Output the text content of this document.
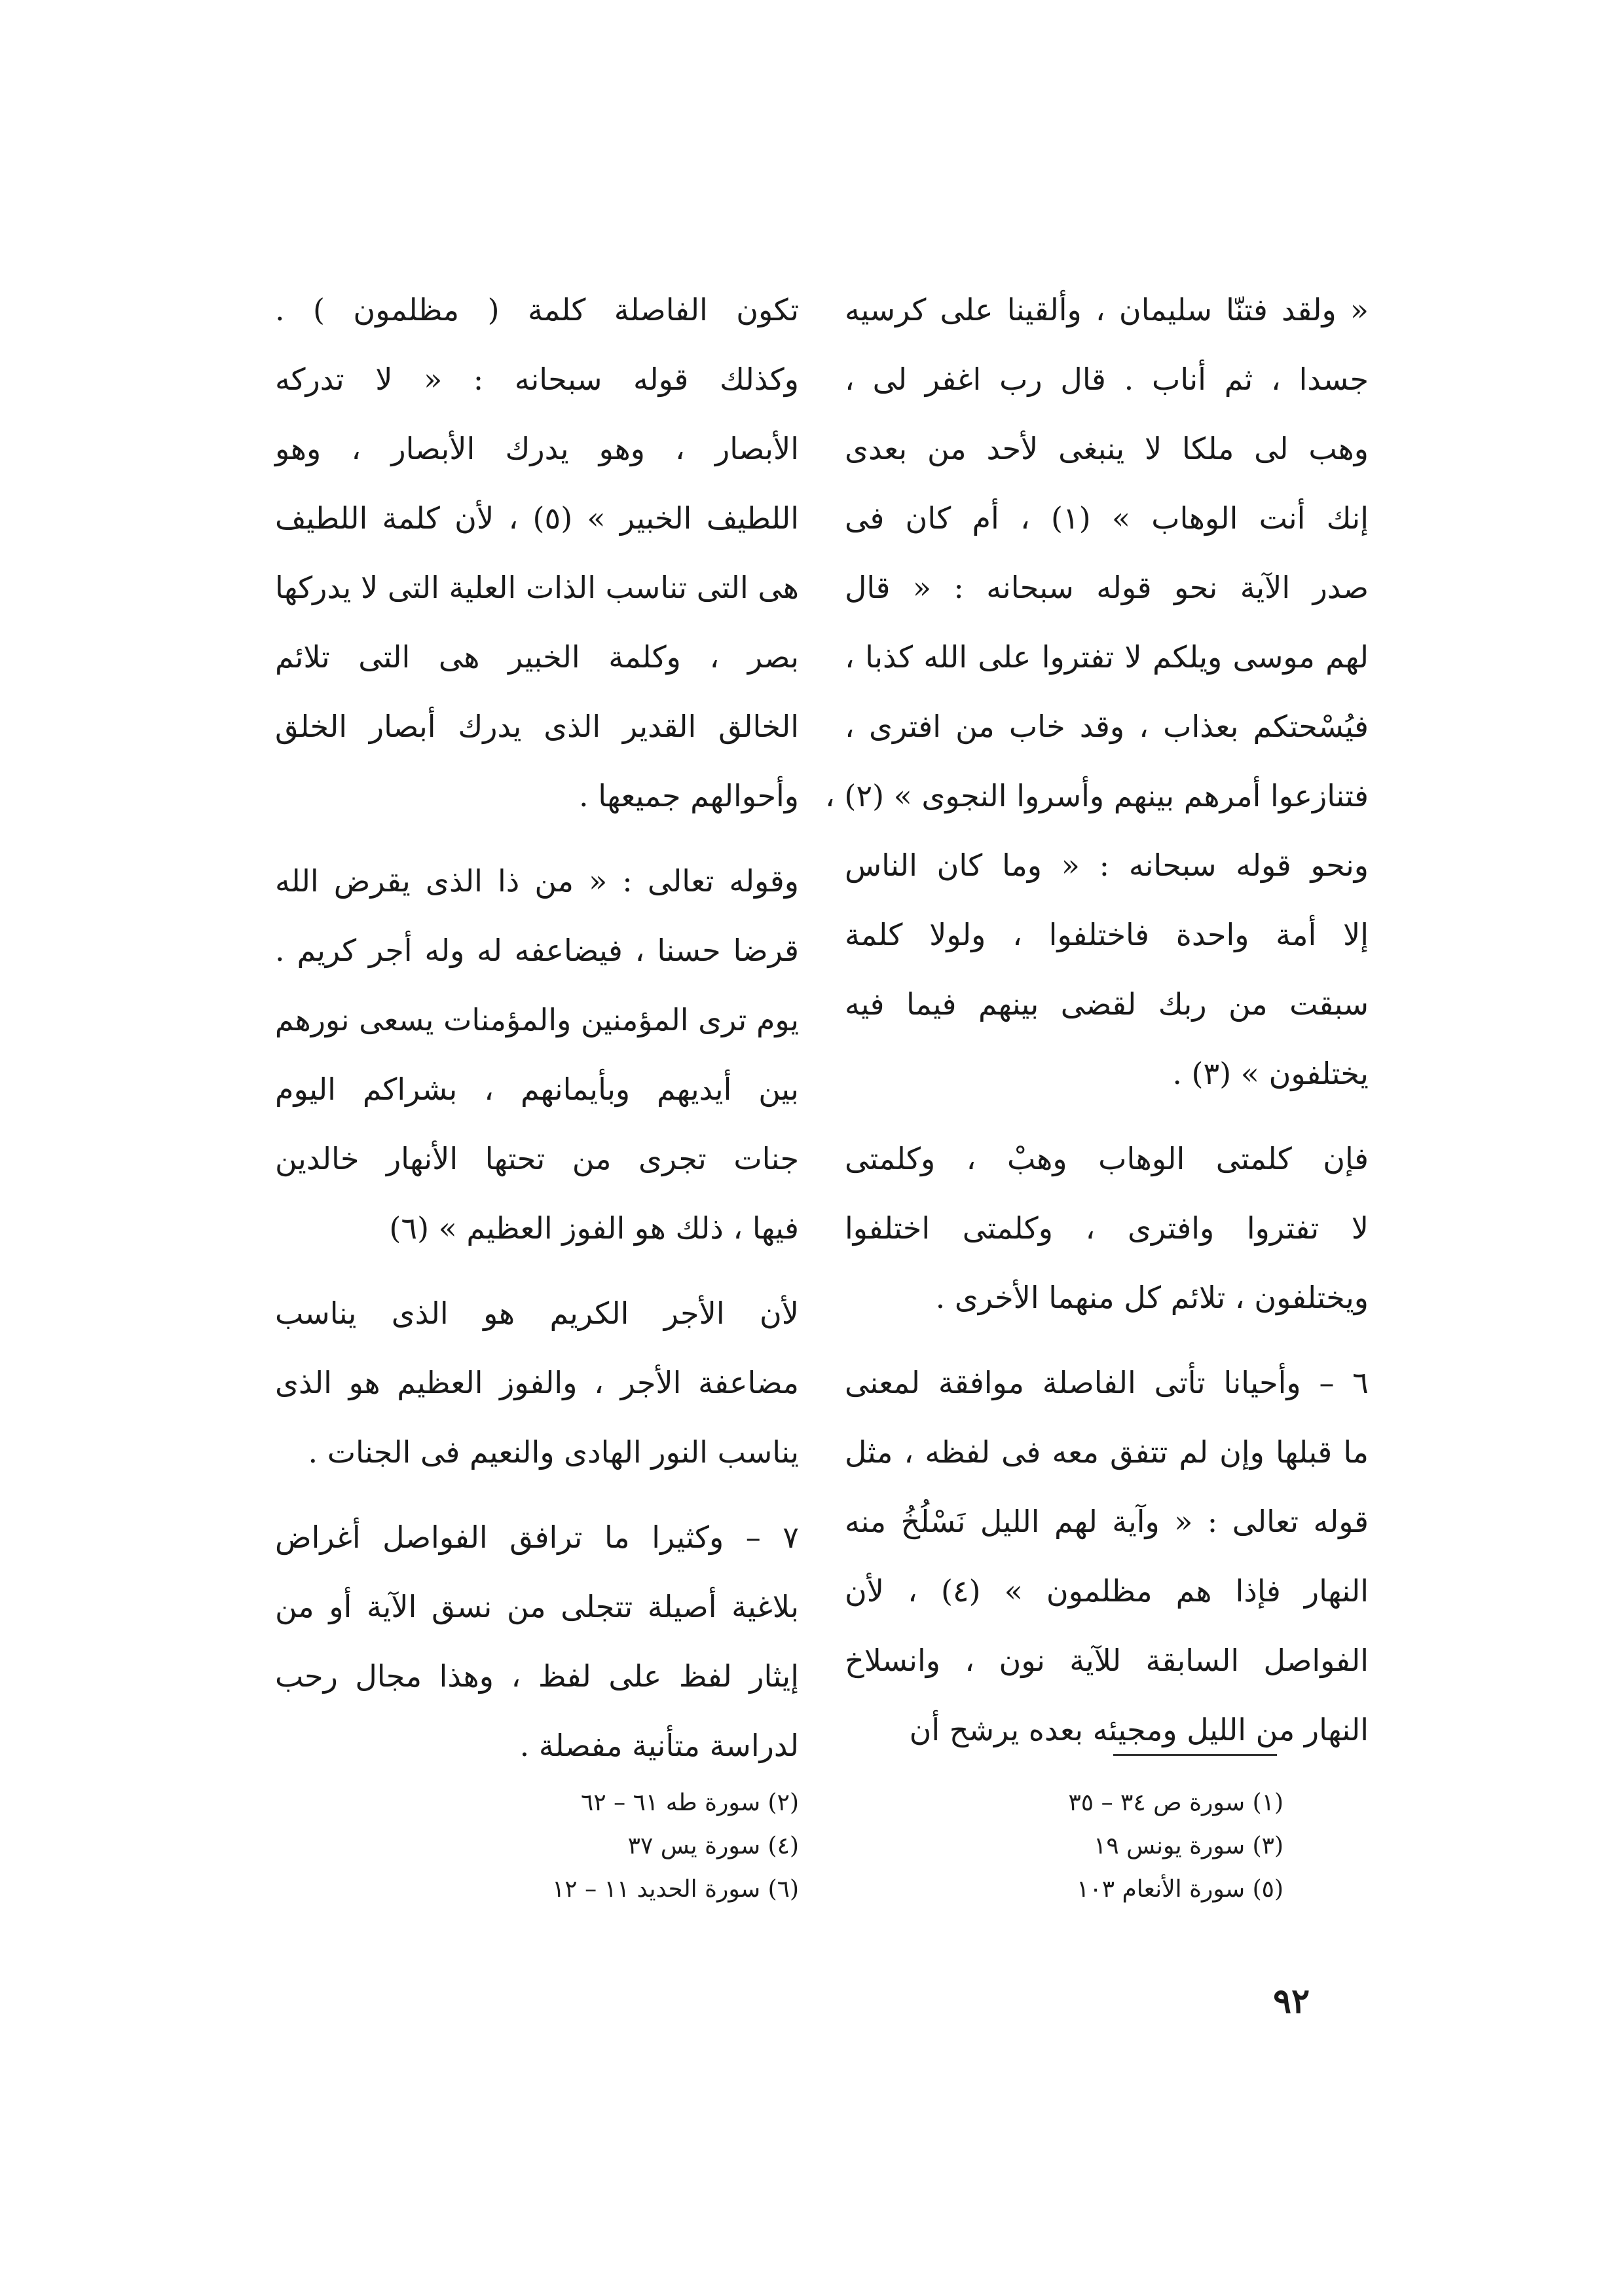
« ولقد فتنّا سليمان ، وألقينا على كرسيه
جسدا ، ثم أناب . قال رب اغفر لى ،
وهب لى ملكا لا ينبغى لأحد من بعدى
إنك أنت الوهاب » (١) ، أم كان فى
صدر الآية نحو قوله سبحانه : « قال
لهم موسى ويلكم لا تفتروا على الله كذبا ،
فيُسْحتكم بعذاب ، وقد خاب من افترى ،
فتنازعوا أمرهم بينهم وأسروا النجوى » (٢) ،
ونحو قوله سبحانه : « وما كان الناس
إلا أمة واحدة فاختلفوا ، ولولا كلمة
سبقت من ربك لقضى بينهم فيما فيه
يختلفون » (٣) .
فإن كلمتى الوهاب وهبْ ، وكلمتى
لا تفتروا وافترى ، وكلمتى اختلفوا
ويختلفون ، تلائم كل منهما الأخرى .
٦ – وأحيانا تأتى الفاصلة موافقة لمعنى
ما قبلها وإن لم تتفق معه فى لفظه ، مثل
قوله تعالى : « وآية لهم الليل نَسْلُخُ منه
النهار فإذا هم مظلمون » (٤) ، لأن
الفواصل السابقة للآية نون ، وانسلاخ
النهار من الليل ومجيئه بعده يرشح أن
تكون الفاصلة كلمة ( مظلمون ) .
وكذلك قوله سبحانه : « لا تدركه
الأبصار ، وهو يدرك الأبصار ، وهو
اللطيف الخبير » (٥) ، لأن كلمة اللطيف
هى التى تناسب الذات العلية التى لا يدركها
بصر ، وكلمة الخبير هى التى تلائم
الخالق القدير الذى يدرك أبصار الخلق
وأحوالهم جميعها .
وقوله تعالى : « من ذا الذى يقرض الله
قرضا حسنا ، فيضاعفه له وله أجر كريم .
يوم ترى المؤمنين والمؤمنات يسعى نورهم
بين أيديهم وبأيمانهم ، بشراكم اليوم
جنات تجرى من تحتها الأنهار خالدين
فيها ، ذلك هو الفوز العظيم » (٦)
لأن الأجر الكريم هو الذى يناسب
مضاعفة الأجر ، والفوز العظيم هو الذى
يناسب النور الهادى والنعيم فى الجنات .
٧ – وكثيرا ما ترافق الفواصل أغراض
بلاغية أصيلة تتجلى من نسق الآية أو من
إيثار لفظ على لفظ ، وهذا مجال رحب
لدراسة متأنية مفصلة .
(١) سورة ص ٣٤ – ٣٥
(٣) سورة يونس ١٩
(٥) سورة الأنعام ١٠٣
(٢) سورة طه ٦١ – ٦٢
(٤) سورة يس ٣٧
(٦) سورة الحديد ١١ – ١٢
٩٢
